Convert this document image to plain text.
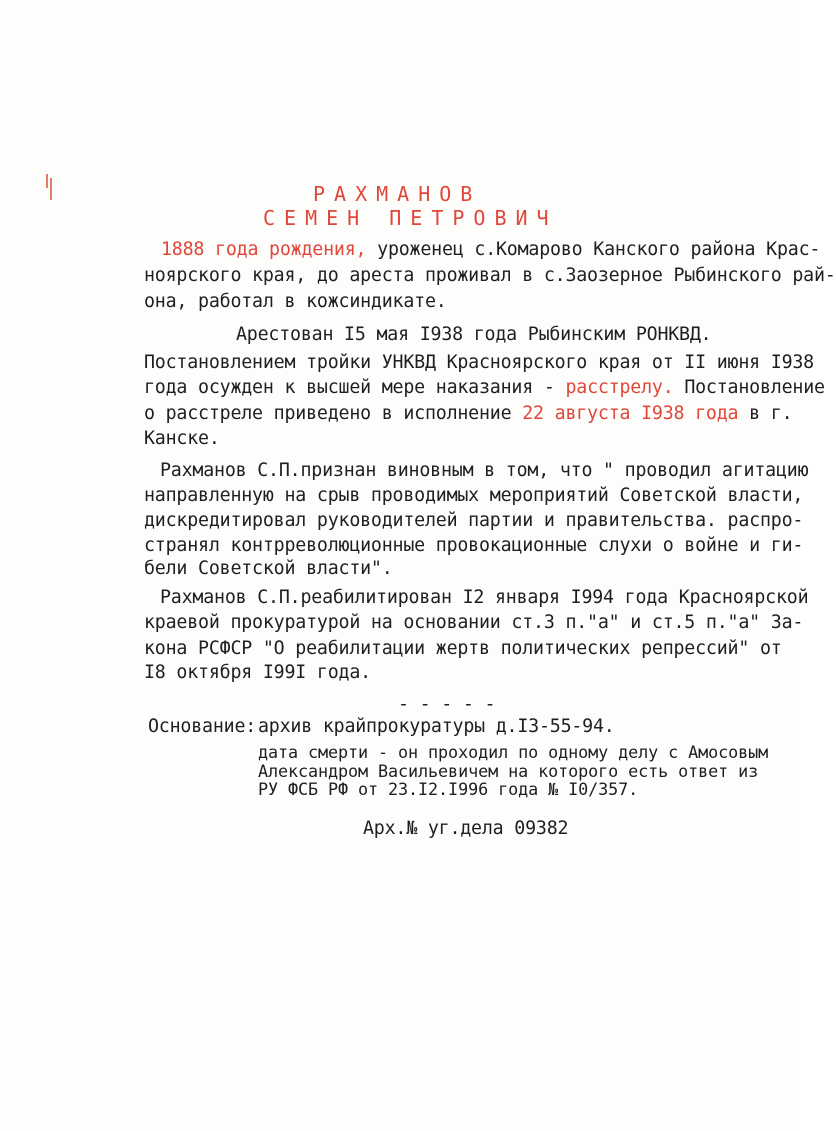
РАХМАНОВ
СЕМЕН ПЕТРОВИЧ
1888 года рождения, уроженец с.Комарово Канского района Крас-
ноярского края, до ареста проживал в с.Заозерное Рыбинского рай-
она, работал в кожсиндикате.
Арестован I5 мая I938 года Рыбинским РОНКВД.
Постановлением тройки УНКВД Красноярского края от II июня I938
года осужден к высшей мере наказания - расстрелу. Постановление
о расстреле приведено в исполнение 22 августа I938 года в г.
Канске.
Рахманов С.П.признан виновным в том, что " проводил агитацию
направленную на срыв проводимых мероприятий Советской власти,
дискредитировал руководителей партии и правительства. распро-
странял контрреволюционные провокационные слухи о войне и ги-
бели Советской власти".
Рахманов С.П.реабилитирован I2 января I994 года Красноярской
краевой прокуратурой на основании ст.3 п."а" и ст.5 п."а" За-
кона РСФСР "О реабилитации жертв политических репрессий" от
I8 октября I99I года.
- - - - -
Основание: архив крайпрокуратуры д.I3-55-94.
дата смерти - он проходил по одному делу с Амосовым
Александром Васильевичем на которого есть ответ из
РУ ФСБ РФ от 23.I2.I996 года № I0/357.
Арх.№ уг.дела 09382
